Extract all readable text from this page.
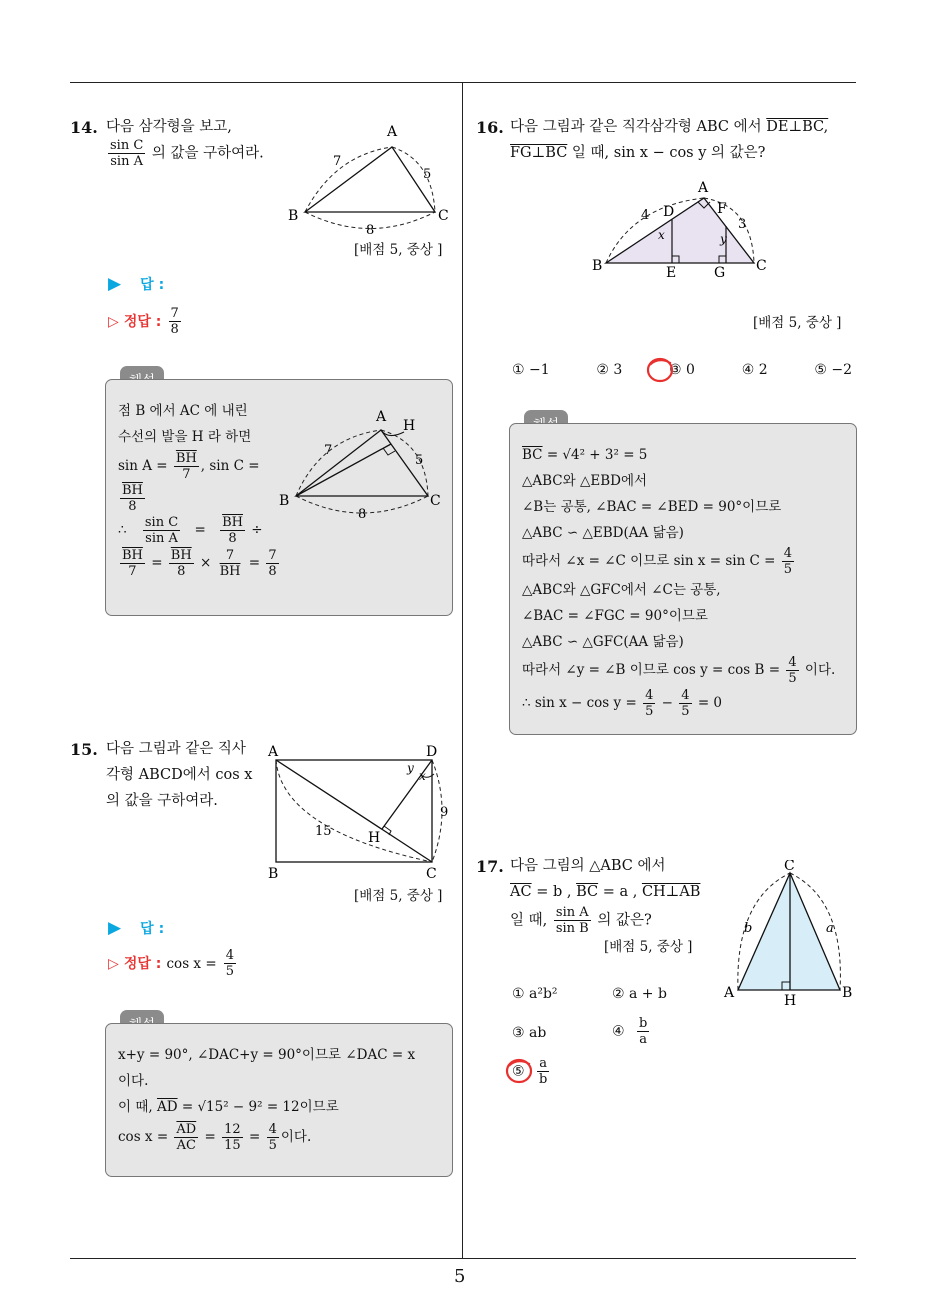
5
14. 다음 삼각형을 보고,
$\frac{\text{sin C}}{\text{sin A}}$ 의 값을 구하여라.
A
B	C
7
5
8
[배점 5, 중상 ]
▶ 답 :
▷ 정답 : $\frac{7}{8}$
점 B 에서 AC 에 내린
수선의 발을 H 라 하면
$\sin A = \frac{\overline{BH}}{7}$ , sin C =
$\frac{\overline{BH}}{8}$
∴ $\frac{\text{sin C}}{\text{sin A}} = \frac{\overline{BH}}{8}$ ÷
$\frac{\overline{BH}}{7} = \frac{\overline{BH}}{8} \times \frac{7}{BH} = \frac{7}{8}$
A
H
B	C
7
5
8
15. 다음 그림과 같은 직사
각형 ABCD에서 cos x
의 값을 구하여라.
A	D
B	C
H
15
9
x
y
[배점 5, 중상 ]
▶ 답 :
▷ 정답 : $\cos x = \frac{4}{5}$
x+y = 90°, ∠DAC+y = 90°이므로 ∠DAC = x
이다.
이 때, $\overline{AD} = √15^2 - 9^2 = 12$이므로
$\cos x = \frac{\overline{AD}}{AC} = \frac{12}{15} = \frac{4}{5}$ 이다.
16. 다음 그림과 같은 직각삼각형 ABC 에서 DE⊥BC,
FG⊥BC 일 때, sin x − cos y 의 값은?
A
B	C
D
E
F
G
4
3
x	y
[배점 5, 중상 ]
① −1	② 3	③ 0	④ 2	⑤ −2
$\overline{BC} = √4^2 + 3^2 = 5$
△ABC와 △EBD에서
∠B는 공통, ∠BAC = ∠BED = 90°이므로
△ABC ∽ △EBD(AA 닮음)
따라서 ∠x = ∠C 이므로 $\sin x = \sin C = \frac{4}{5}$
△ABC와 △GFC에서 ∠C는 공통,
∠BAC = ∠FGC = 90°이므로
△ABC ∽ △GFC(AA 닮음)
따라서 ∠y = ∠B 이므로 $\cos y = \cos B = \frac{4}{5}$ 이다.
∴ $\sin x - \cos y = \frac{4}{5} - \frac{4}{5} = 0$
17. 다음 그림의 △ABC 에서
$\overline{AC} = b$ , $\overline{BC} = a$ , CH⊥AB
일 때, $\frac{\text{sin A}}{\text{sin B}}$ 의 값은?
[배점 5, 중상 ]
C
A	B
H
b	a
① a²b²	② a + b
③ ab	④ $\frac{b}{a}$
⑤ $\frac{a}{b}$
